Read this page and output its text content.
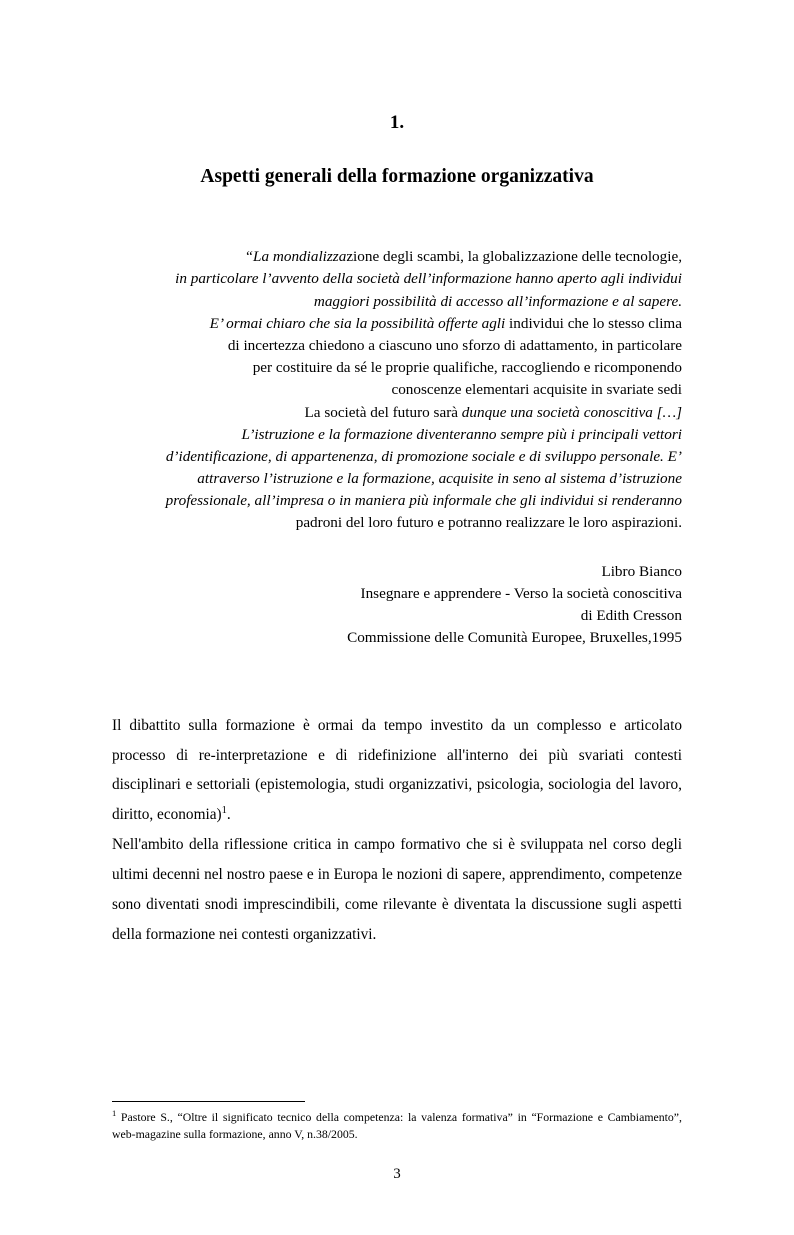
1.
Aspetti generali della formazione organizzativa

“La mondializzazione degli scambi, la globalizzazione delle tecnologie,

in particolare l’avvento della società dell’informazione hanno aperto agli individui

maggiori possibilità di accesso all’informazione e al sapere.

E’ ormai chiaro che sia la possibilità offerte agli individui che lo stesso clima

di incertezza chiedono a ciascuno uno sforzo di adattamento, in particolare

per costituire da sé le proprie qualifiche, raccogliendo e ricomponendo

conoscenze elementari acquisite in svariate sedi

La società del futuro sarà dunque una società conoscitiva […]

L’istruzione e la formazione diventeranno sempre più i principali vettori

d’identificazione, di appartenenza, di promozione sociale e di sviluppo personale. E’

attraverso l’istruzione e la formazione, acquisite in seno al sistema d’istruzione

professionale, all’impresa o in maniera più informale che gli individui si renderanno

padroni del loro futuro e potranno realizzare le loro aspirazioni.

Libro Bianco

Insegnare e apprendere - Verso la società conoscitiva

di Edith Cresson

Commissione delle Comunità Europee, Bruxelles,1995

Il dibattito sulla formazione è ormai da tempo investito da un complesso e articolato processo di re-interpretazione e di ridefinizione all'interno dei più svariati contesti disciplinari e settoriali (epistemologia, studi organizzativi, psicologia, sociologia del lavoro, diritto, economia)$^1$.

Nell'ambito della riflessione critica in campo formativo che si è sviluppata nel corso degli ultimi decenni nel nostro paese e in Europa le nozioni di sapere, apprendimento, competenze sono diventati snodi imprescindibili, come rilevante è diventata la discussione sugli aspetti della formazione nei contesti organizzativi.

$^1$ Pastore S., “Oltre il significato tecnico della competenza: la valenza formativa” in “Formazione e Cambiamento”, web-magazine sulla formazione, anno V, n.38/2005.
3
